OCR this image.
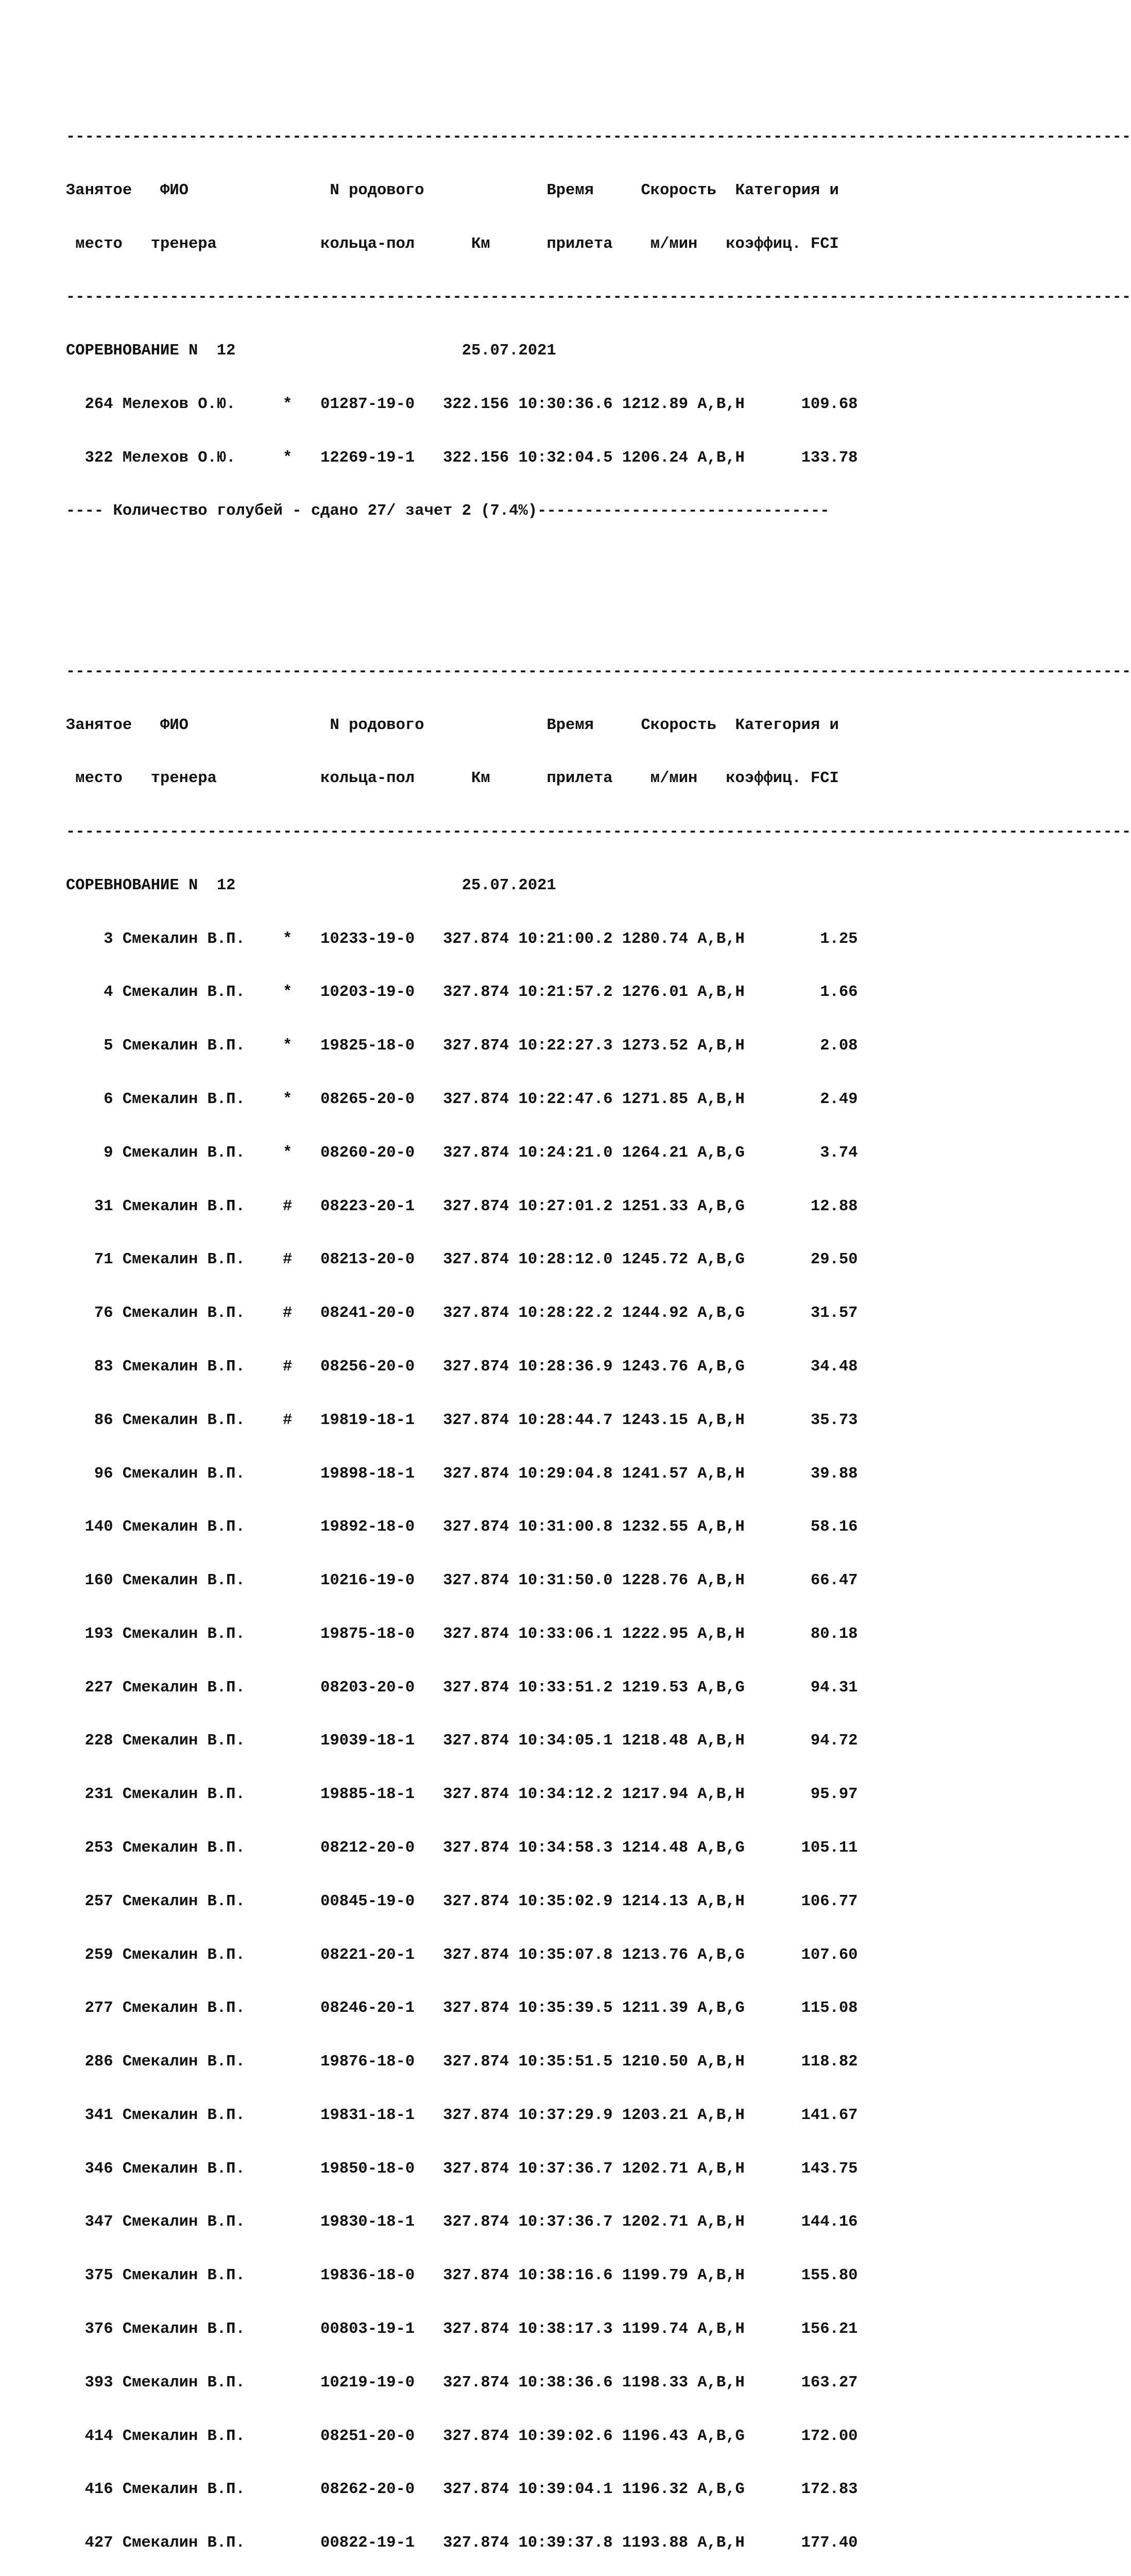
-----------------------------------------------------------------------------------------------------------------

Занятое   ФИО               N родового             Время     Скорость  Категория и

место   тренера           кольца-пол      Км      прилета    м/мин   коэффиц. FCI

-----------------------------------------------------------------------------------------------------------------

СОРЕВНОВАНИЕ N  12                        25.07.2021

264 Мелехов О.Ю.     *   01287-19-0   322.156 10:30:36.6 1212.89 A,B,H      109.68

322 Мелехов О.Ю.     *   12269-19-1   322.156 10:32:04.5 1206.24 A,B,H      133.78

---- Количество голубей - сдано 27/ зачет 2 (7.4%)-------------------------------

-----------------------------------------------------------------------------------------------------------------

Занятое   ФИО               N родового             Время     Скорость  Категория и

место   тренера           кольца-пол      Км      прилета    м/мин   коэффиц. FCI

-----------------------------------------------------------------------------------------------------------------

СОРЕВНОВАНИЕ N  12                        25.07.2021

3 Смекалин В.П.    *   10233-19-0   327.874 10:21:00.2 1280.74 A,B,H        1.25

4 Смекалин В.П.    *   10203-19-0   327.874 10:21:57.2 1276.01 A,B,H        1.66

5 Смекалин В.П.    *   19825-18-0   327.874 10:22:27.3 1273.52 A,B,H        2.08

6 Смекалин В.П.    *   08265-20-0   327.874 10:22:47.6 1271.85 A,B,H        2.49

9 Смекалин В.П.    *   08260-20-0   327.874 10:24:21.0 1264.21 A,B,G        3.74

31 Смекалин В.П.    #   08223-20-1   327.874 10:27:01.2 1251.33 A,B,G       12.88

71 Смекалин В.П.    #   08213-20-0   327.874 10:28:12.0 1245.72 A,B,G       29.50

76 Смекалин В.П.    #   08241-20-0   327.874 10:28:22.2 1244.92 A,B,G       31.57

83 Смекалин В.П.    #   08256-20-0   327.874 10:28:36.9 1243.76 A,B,G       34.48

86 Смекалин В.П.    #   19819-18-1   327.874 10:28:44.7 1243.15 A,B,H       35.73

96 Смекалин В.П.        19898-18-1   327.874 10:29:04.8 1241.57 A,B,H       39.88

140 Смекалин В.П.        19892-18-0   327.874 10:31:00.8 1232.55 A,B,H       58.16

160 Смекалин В.П.        10216-19-0   327.874 10:31:50.0 1228.76 A,B,H       66.47

193 Смекалин В.П.        19875-18-0   327.874 10:33:06.1 1222.95 A,B,H       80.18

227 Смекалин В.П.        08203-20-0   327.874 10:33:51.2 1219.53 A,B,G       94.31

228 Смекалин В.П.        19039-18-1   327.874 10:34:05.1 1218.48 A,B,H       94.72

231 Смекалин В.П.        19885-18-1   327.874 10:34:12.2 1217.94 A,B,H       95.97

253 Смекалин В.П.        08212-20-0   327.874 10:34:58.3 1214.48 A,B,G      105.11

257 Смекалин В.П.        00845-19-0   327.874 10:35:02.9 1214.13 A,B,H      106.77

259 Смекалин В.П.        08221-20-1   327.874 10:35:07.8 1213.76 A,B,G      107.60

277 Смекалин В.П.        08246-20-1   327.874 10:35:39.5 1211.39 A,B,G      115.08

286 Смекалин В.П.        19876-18-0   327.874 10:35:51.5 1210.50 A,B,H      118.82

341 Смекалин В.П.        19831-18-1   327.874 10:37:29.9 1203.21 A,B,H      141.67

346 Смекалин В.П.        19850-18-0   327.874 10:37:36.7 1202.71 A,B,H      143.75

347 Смекалин В.П.        19830-18-1   327.874 10:37:36.7 1202.71 A,B,H      144.16

375 Смекалин В.П.        19836-18-0   327.874 10:38:16.6 1199.79 A,B,H      155.80

376 Смекалин В.П.        00803-19-1   327.874 10:38:17.3 1199.74 A,B,H      156.21

393 Смекалин В.П.        10219-19-0   327.874 10:38:36.6 1198.33 A,B,H      163.27

414 Смекалин В.П.        08251-20-0   327.874 10:39:02.6 1196.43 A,B,G      172.00

416 Смекалин В.П.        08262-20-0   327.874 10:39:04.1 1196.32 A,B,G      172.83

427 Смекалин В.П.        00822-19-1   327.874 10:39:37.8 1193.88 A,B,H      177.40
